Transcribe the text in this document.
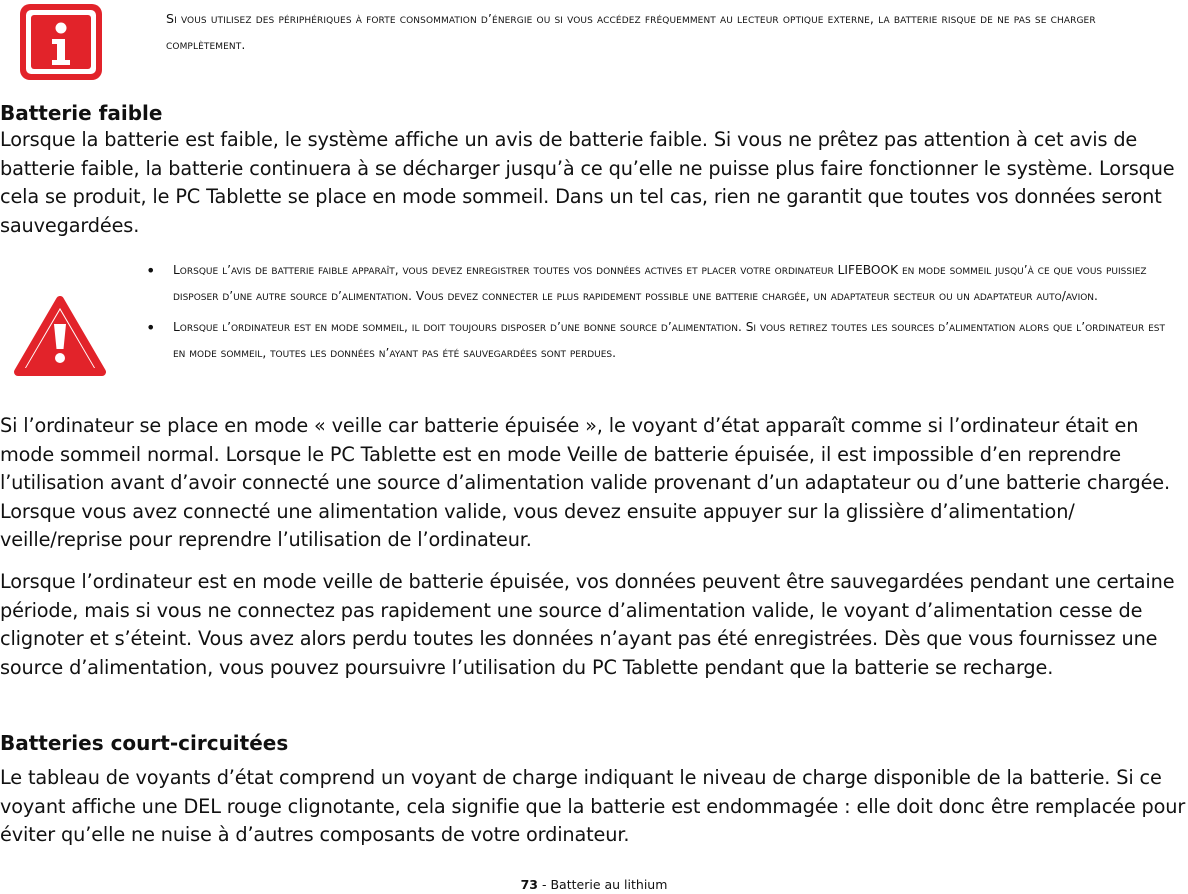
Si vous utilisez des périphériques à forte consommation d’énergie ou si vous accédez fréquemment au lecteur optique externe, la batterie risque de ne pas se charger complètement.
Batterie faible
Lorsque la batterie est faible, le système affiche un avis de batterie faible. Si vous ne prêtez pas attention à cet avis de batterie faible, la batterie continuera à se décharger jusqu’à ce qu’elle ne puisse plus faire fonctionner le système. Lorsque cela se produit, le PC Tablette se place en mode sommeil. Dans un tel cas, rien ne garantit que toutes vos données seront sauvegardées.
• Lorsque l’avis de batterie faible apparaît, vous devez enregistrer toutes vos données actives et placer votre ordinateur LIFEBOOK en mode sommeil jusqu’à ce que vous puissiez disposer d’une autre source d’alimentation. Vous devez connecter le plus rapidement possible une batterie chargée, un adaptateur secteur ou un adaptateur auto/avion.
• Lorsque l’ordinateur est en mode sommeil, il doit toujours disposer d’une bonne source d’alimentation. Si vous retirez toutes les sources d’alimentation alors que l’ordinateur est en mode sommeil, toutes les données n’ayant pas été sauvegardées sont perdues.
Si l’ordinateur se place en mode « veille car batterie épuisée », le voyant d’état apparaît comme si l’ordinateur était en mode sommeil normal. Lorsque le PC Tablette est en mode Veille de batterie épuisée, il est impossible d’en reprendre l’utilisation avant d’avoir connecté une source d’alimentation valide provenant d’un adaptateur ou d’une batterie chargée. Lorsque vous avez connecté une alimentation valide, vous devez ensuite appuyer sur la glissière d’alimentation/ veille/reprise pour reprendre l’utilisation de l’ordinateur.
Lorsque l’ordinateur est en mode veille de batterie épuisée, vos données peuvent être sauvegardées pendant une certaine période, mais si vous ne connectez pas rapidement une source d’alimentation valide, le voyant d’alimentation cesse de clignoter et s’éteint. Vous avez alors perdu toutes les données n’ayant pas été enregistrées. Dès que vous fournissez une source d’alimentation, vous pouvez poursuivre l’utilisation du PC Tablette pendant que la batterie se recharge.
Batteries court-circuitées
Le tableau de voyants d’état comprend un voyant de charge indiquant le niveau de charge disponible de la batterie. Si ce voyant affiche une DEL rouge clignotante, cela signifie que la batterie est endommagée : elle doit donc être remplacée pour éviter qu’elle ne nuise à d’autres composants de votre ordinateur.
73 - Batterie au lithium
